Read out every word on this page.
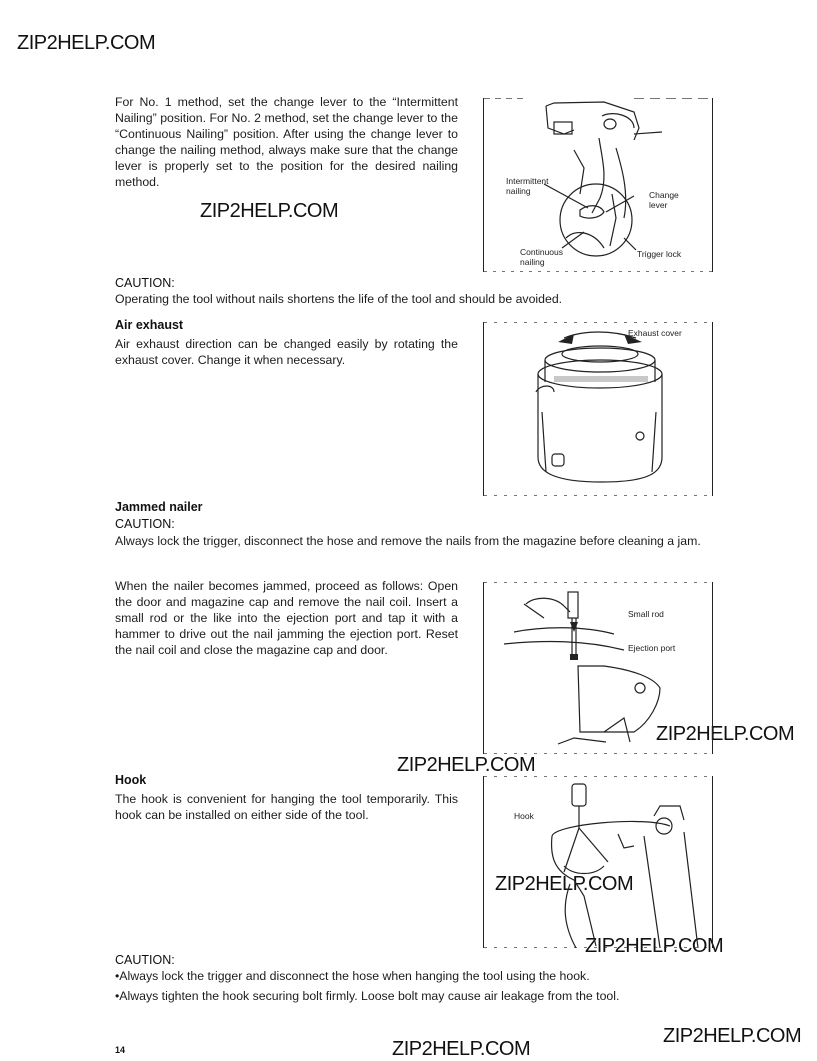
ZIP2HELP.COM
ZIP2HELP.COM
ZIP2HELP.COM
ZIP2HELP.COM
ZIP2HELP.COM
ZIP2HELP.COM
ZIP2HELP.COM
ZIP2HELP.COM
For No. 1 method, set the change lever to the “Intermittent Nailing” position. For No. 2 method, set the change lever to the “Continuous Nailing” position. After using the change lever to change the nailing method, always make sure that the change lever is properly set to the position for the desired nailing method.	Intermittent nailing	Change lever
Continuous nailing
Trigger lock
CAUTION:
Operating the tool without nails shortens the life of the tool and should be avoided.
Air exhaust
Air exhaust direction can be changed easily by rotating the exhaust cover. Change it when necessary.
Exhaust cover
Jammed nailer
CAUTION:
Always lock the trigger, disconnect the hose and remove the nails from the magazine before cleaning a jam.
When the nailer becomes jammed, proceed as follows: Open the door and magazine cap and remove the nail coil. Insert a small rod or the like into the ejection port and tap it with a hammer to drive out the nail jamming the ejection port. Reset the nail coil and close the magazine cap and door.
Small rod
Ejection port
Hook
The hook is convenient for hanging the tool temporarily. This hook can be installed on either side of the tool.	Hook
CAUTION:
•Always lock the trigger and disconnect the hose when hanging the tool using the hook.
•Always tighten the hook securing bolt firmly. Loose bolt may cause air leakage from the tool.
14
